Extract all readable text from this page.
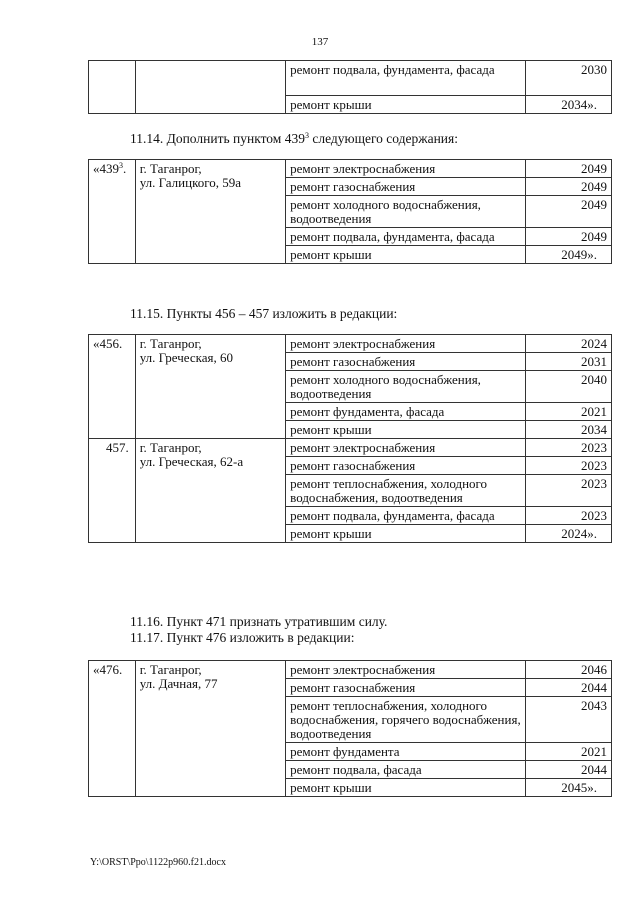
137
		ремонт подвала, фундамента, фасада	2030
		ремонт крыши	2034».
11.14. Дополнить пунктом $439^3$ следующего содержания:
«$439^3$.	г. Таганрог,
ул. Галицкого, 59а	ремонт электроснабжения	2049
		ремонт газоснабжения	2049
		ремонт холодного водоснабжения, водоотведения	2049
		ремонт подвала, фундамента, фасада	2049
		ремонт крыши	2049».
11.15. Пункты 456 – 457 изложить в редакции:
«456.	г. Таганрог,
ул. Греческая, 60	ремонт электроснабжения	2024
		ремонт газоснабжения	2031
		ремонт холодного водоснабжения, водоотведения	2040
		ремонт фундамента, фасада	2021
		ремонт крыши	2034
457.	г. Таганрог,
ул. Греческая, 62-а	ремонт электроснабжения	2023
		ремонт газоснабжения	2023
		ремонт теплоснабжения, холодного водоснабжения, водоотведения	2023
		ремонт подвала, фундамента, фасада	2023
		ремонт крыши	2024».
11.16. Пункт 471 признать утратившим силу.
11.17. Пункт 476 изложить в редакции:
«476.	г. Таганрог,
ул. Дачная, 77	ремонт электроснабжения	2046
		ремонт газоснабжения	2044
		ремонт теплоснабжения, холодного водоснабжения, горячего водоснабжения, водоотведения	2043
		ремонт фундамента	2021
		ремонт подвала, фасада	2044
		ремонт крыши	2045».
Y:\ORST\Ppo\1122p960.f21.docx
